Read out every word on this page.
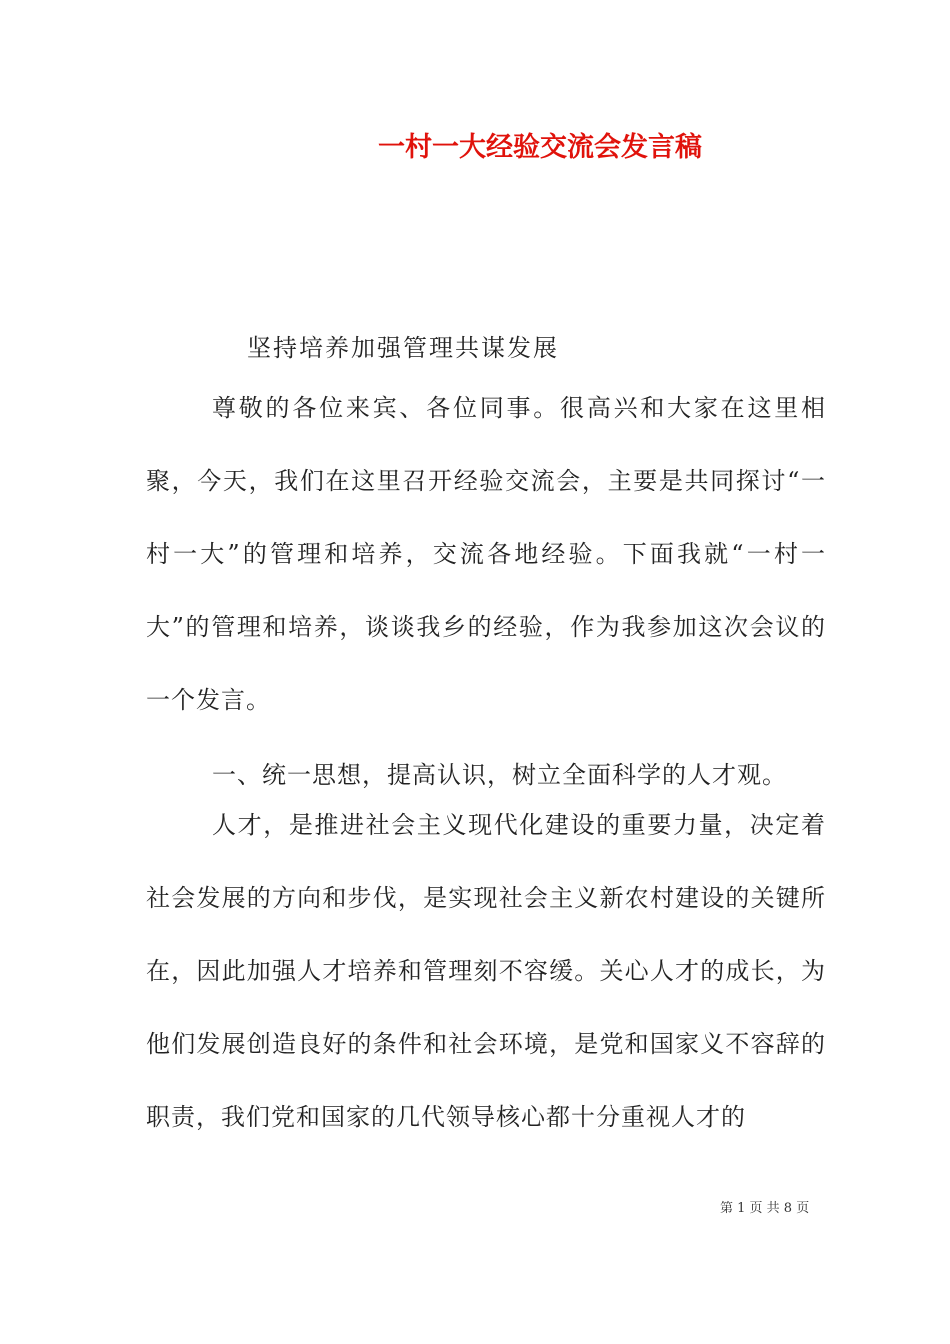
一村一大经验交流会发言稿
坚持培养加强管理共谋发展

尊敬的各位来宾、各位同事。很高兴和大家在这里相聚，今天，我们在这里召开经验交流会，主要是共同探讨“一村一大”的管理和培养，交流各地经验。下面我就“一村一大”的管理和培养，谈谈我乡的经验，作为我参加这次会议的一个发言。

一、统一思想，提高认识，树立全面科学的人才观。

人才，是推进社会主义现代化建设的重要力量，决定着社会发展的方向和步伐，是实现社会主义新农村建设的关键所在，因此加强人才培养和管理刻不容缓。关心人才的成长，为他们发展创造良好的条件和社会环境，是党和国家义不容辞的职责，我们党和国家的几代领导核心都十分重视人才的

第 1 页 共 8 页
